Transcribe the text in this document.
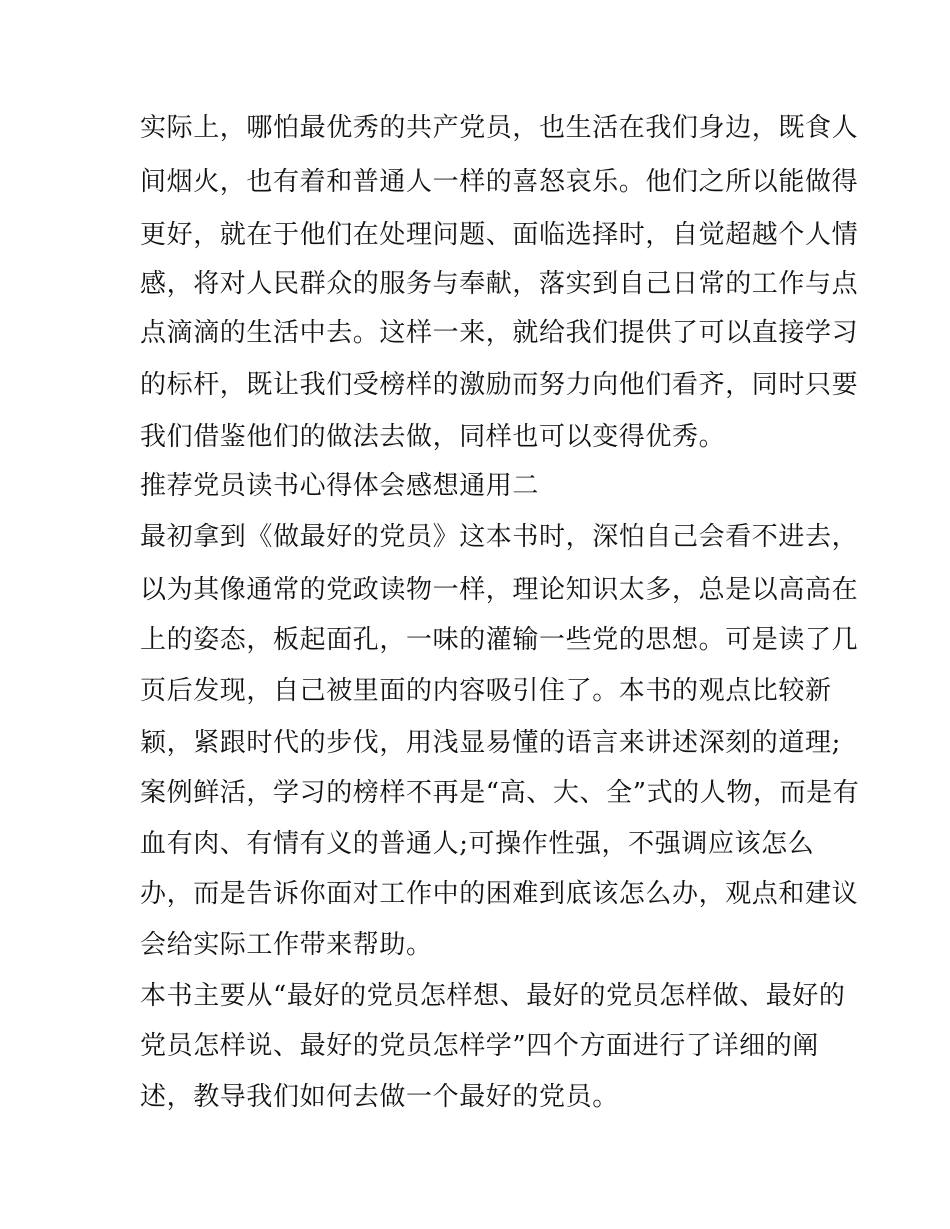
实际上，哪怕最优秀的共产党员，也生活在我们身边，既食人

间烟火，也有着和普通人一样的喜怒哀乐。他们之所以能做得

更好，就在于他们在处理问题、面临选择时，自觉超越个人情

感，将对人民群众的服务与奉献，落实到自己日常的工作与点

点滴滴的生活中去。这样一来，就给我们提供了可以直接学习

的标杆，既让我们受榜样的激励而努力向他们看齐，同时只要

我们借鉴他们的做法去做，同样也可以变得优秀。

推荐党员读书心得体会感想通用二

最初拿到《做最好的党员》这本书时，深怕自己会看不进去，

以为其像通常的党政读物一样，理论知识太多，总是以高高在

上的姿态，板起面孔，一味的灌输一些党的思想。可是读了几

页后发现，自己被里面的内容吸引住了。本书的观点比较新

颖，紧跟时代的步伐，用浅显易懂的语言来讲述深刻的道理;

案例鲜活，学习的榜样不再是“高、大、全”式的人物，而是有

血有肉、有情有义的普通人;可操作性强，不强调应该怎么

办，而是告诉你面对工作中的困难到底该怎么办，观点和建议

会给实际工作带来帮助。

本书主要从“最好的党员怎样想、最好的党员怎样做、最好的

党员怎样说、最好的党员怎样学”四个方面进行了详细的阐

述，教导我们如何去做一个最好的党员。
